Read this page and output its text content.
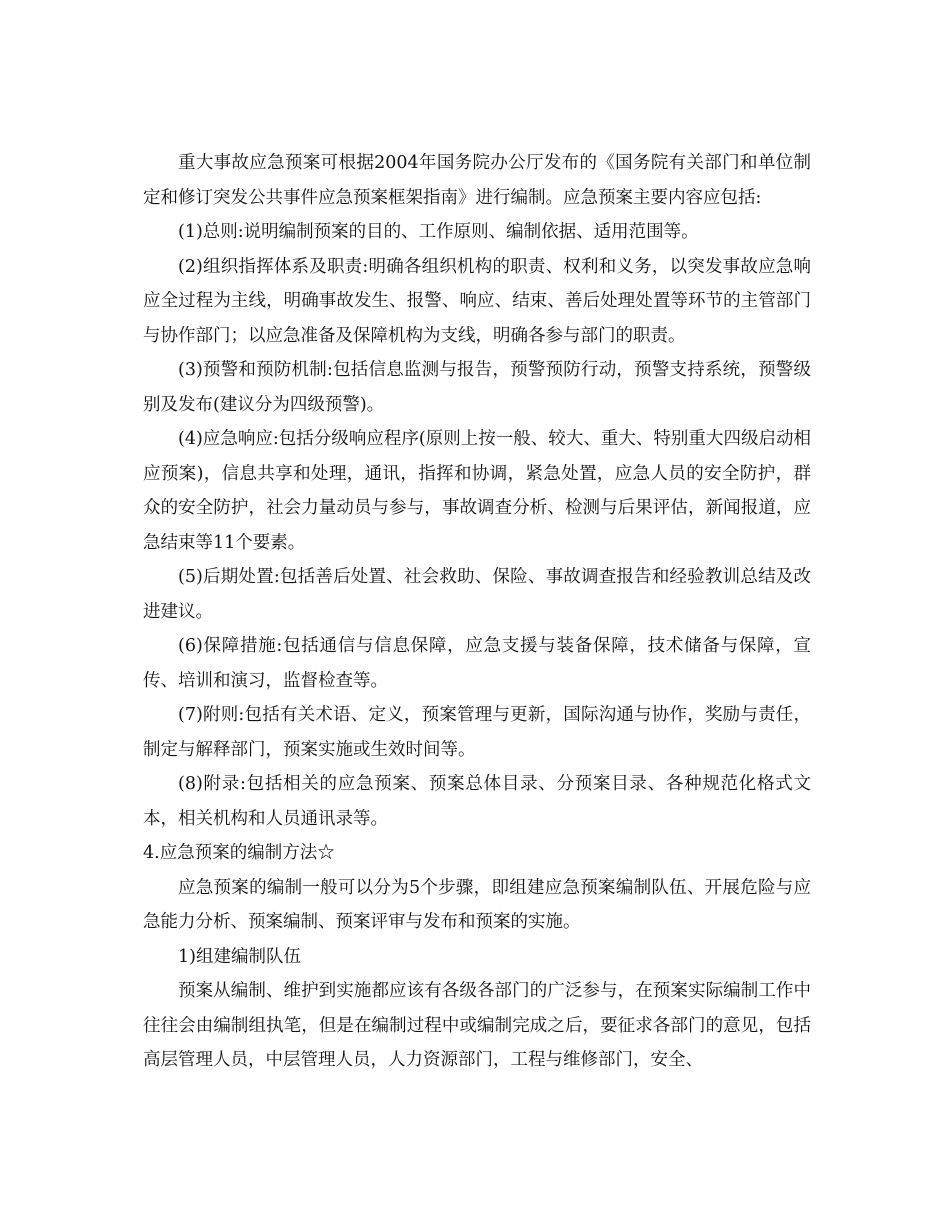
重大事故应急预案可根据2004年国务院办公厅发布的《国务院有关部门和单位制定和修订突发公共事件应急预案框架指南》进行编制。应急预案主要内容应包括:

(1)总则:说明编制预案的目的、工作原则、编制依据、适用范围等。

(2)组织指挥体系及职责:明确各组织机构的职责、权利和义务，以突发事故应急响应全过程为主线，明确事故发生、报警、响应、结束、善后处理处置等环节的主管部门与协作部门；以应急准备及保障机构为支线，明确各参与部门的职责。

(3)预警和预防机制:包括信息监测与报告，预警预防行动，预警支持系统，预警级别及发布(建议分为四级预警)。

(4)应急响应:包括分级响应程序(原则上按一般、较大、重大、特别重大四级启动相应预案)，信息共享和处理，通讯，指挥和协调，紧急处置，应急人员的安全防护，群众的安全防护，社会力量动员与参与，事故调查分析、检测与后果评估，新闻报道，应急结束等11个要素。

(5)后期处置:包括善后处置、社会救助、保险、事故调查报告和经验教训总结及改进建议。

(6)保障措施:包括通信与信息保障，应急支援与装备保障，技术储备与保障，宣传、培训和演习，监督检查等。

(7)附则:包括有关术语、定义，预案管理与更新，国际沟通与协作，奖励与责任，制定与解释部门，预案实施或生效时间等。

(8)附录:包括相关的应急预案、预案总体目录、分预案目录、各种规范化格式文本，相关机构和人员通讯录等。

4.应急预案的编制方法☆

应急预案的编制一般可以分为5个步骤，即组建应急预案编制队伍、开展危险与应急能力分析、预案编制、预案评审与发布和预案的实施。

1)组建编制队伍

预案从编制、维护到实施都应该有各级各部门的广泛参与，在预案实际编制工作中往往会由编制组执笔，但是在编制过程中或编制完成之后，要征求各部门的意见，包括高层管理人员，中层管理人员，人力资源部门，工程与维修部门，安全、
